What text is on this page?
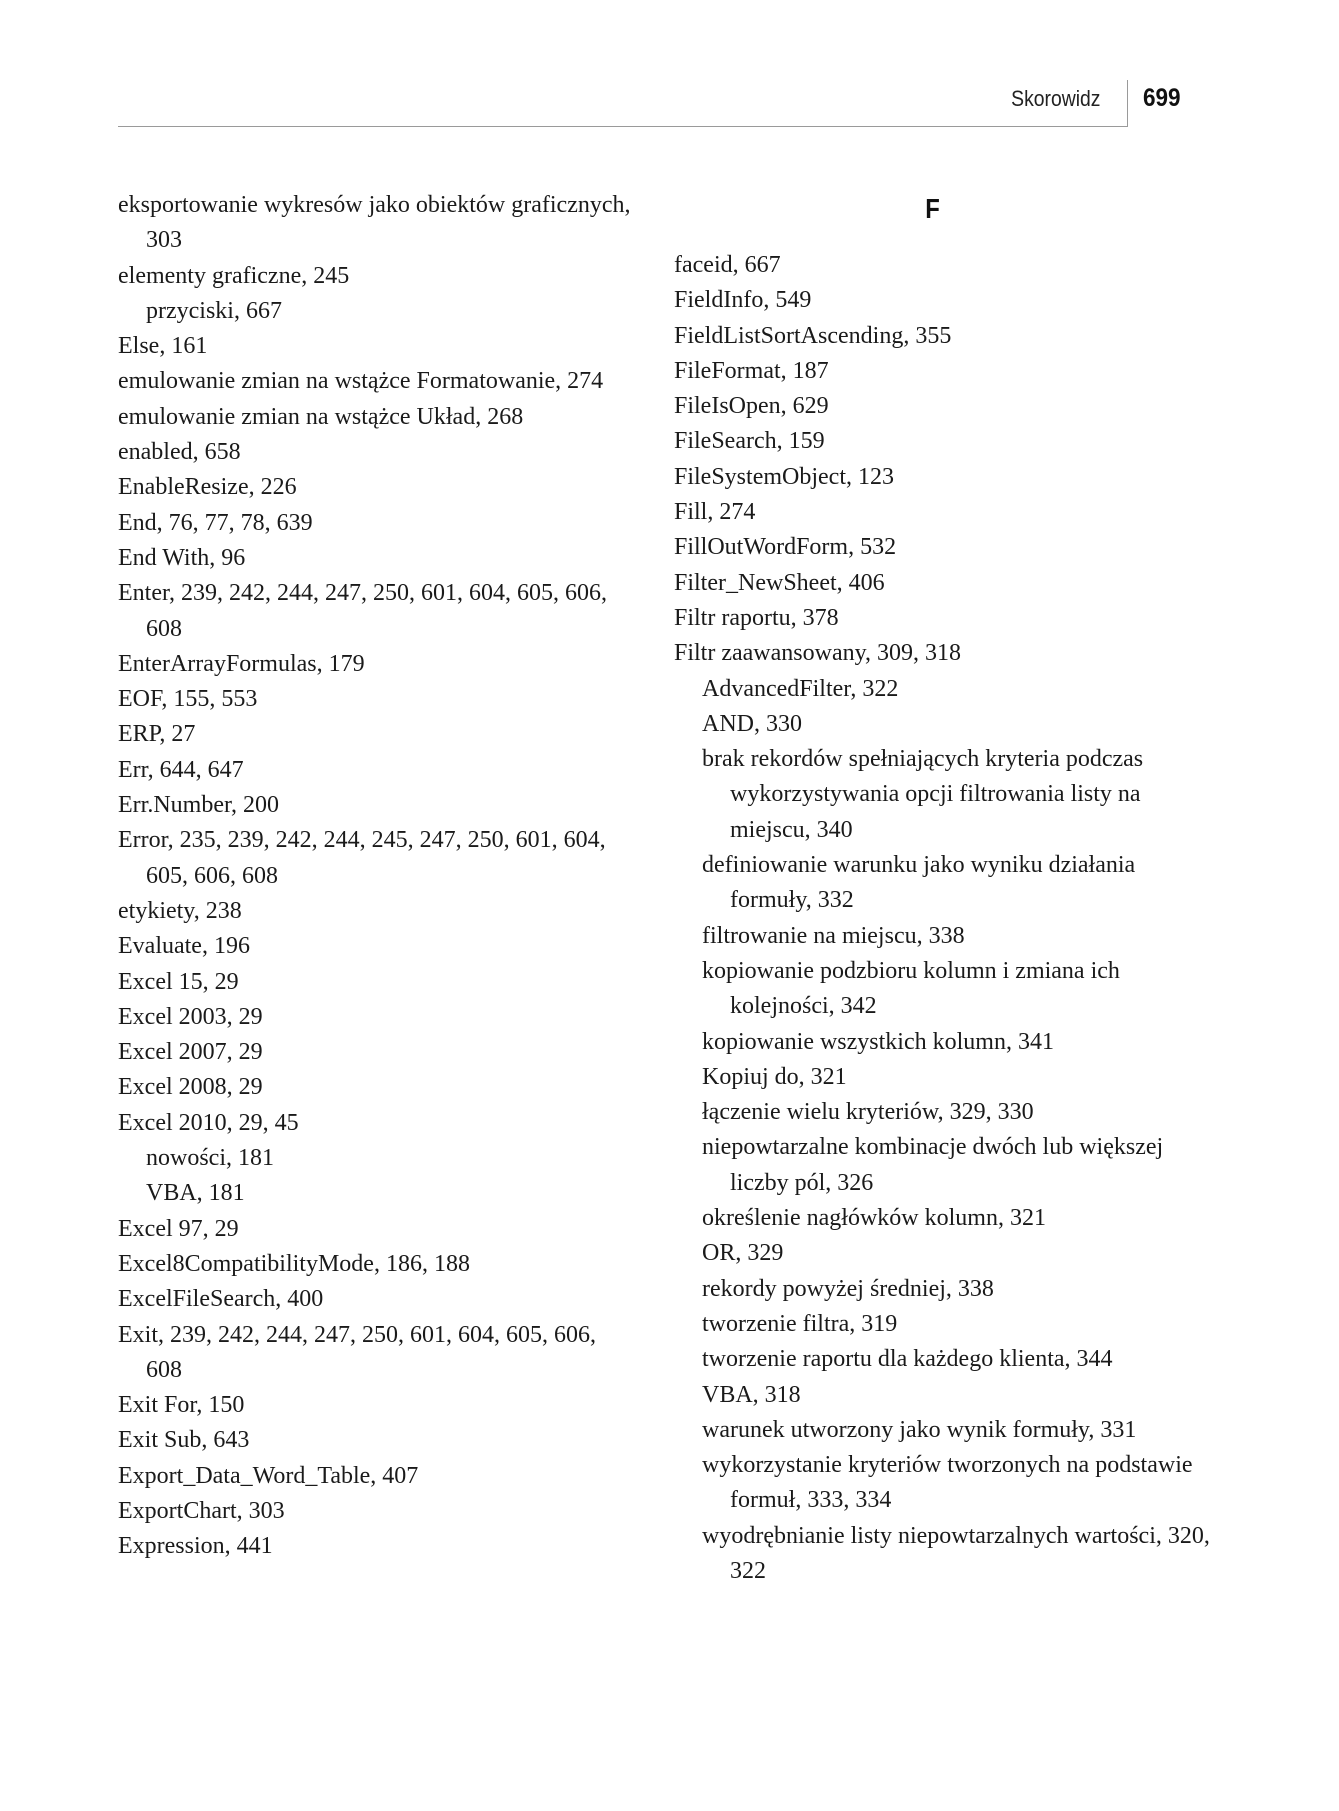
Skorowidz 699

eksportowanie wykresów jako obiektów graficznych, 303

elementy graficzne, 245

przyciski, 667

Else, 161

emulowanie zmian na wstążce Formatowanie, 274

emulowanie zmian na wstążce Układ, 268

enabled, 658

EnableResize, 226

End, 76, 77, 78, 639

End With, 96

Enter, 239, 242, 244, 247, 250, 601, 604, 605, 606, 608

EnterArrayFormulas, 179

EOF, 155, 553

ERP, 27

Err, 644, 647

Err.Number, 200

Error, 235, 239, 242, 244, 245, 247, 250, 601, 604, 605, 606, 608

etykiety, 238

Evaluate, 196

Excel 15, 29

Excel 2003, 29

Excel 2007, 29

Excel 2008, 29

Excel 2010, 29, 45

nowości, 181

VBA, 181

Excel 97, 29

Excel8CompatibilityMode, 186, 188

ExcelFileSearch, 400

Exit, 239, 242, 244, 247, 250, 601, 604, 605, 606, 608

Exit For, 150

Exit Sub, 643

Export_Data_Word_Table, 407

ExportChart, 303

Expression, 441

F

faceid, 667

FieldInfo, 549

FieldListSortAscending, 355

FileFormat, 187

FileIsOpen, 629

FileSearch, 159

FileSystemObject, 123

Fill, 274

FillOutWordForm, 532

Filter_NewSheet, 406

Filtr raportu, 378

Filtr zaawansowany, 309, 318

AdvancedFilter, 322

AND, 330

brak rekordów spełniających kryteria podczas wykorzystywania opcji filtrowania listy na miejscu, 340

definiowanie warunku jako wyniku działania formuły, 332

filtrowanie na miejscu, 338

kopiowanie podzbioru kolumn i zmiana ich kolejności, 342

kopiowanie wszystkich kolumn, 341

Kopiuj do, 321

łączenie wielu kryteriów, 329, 330

niepowtarzalne kombinacje dwóch lub większej liczby pól, 326

określenie nagłówków kolumn, 321

OR, 329

rekordy powyżej średniej, 338

tworzenie filtra, 319

tworzenie raportu dla każdego klienta, 344

VBA, 318

warunek utworzony jako wynik formuły, 331

wykorzystanie kryteriów tworzonych na podstawie formuł, 333, 334

wyodrębnianie listy niepowtarzalnych wartości, 320, 322
